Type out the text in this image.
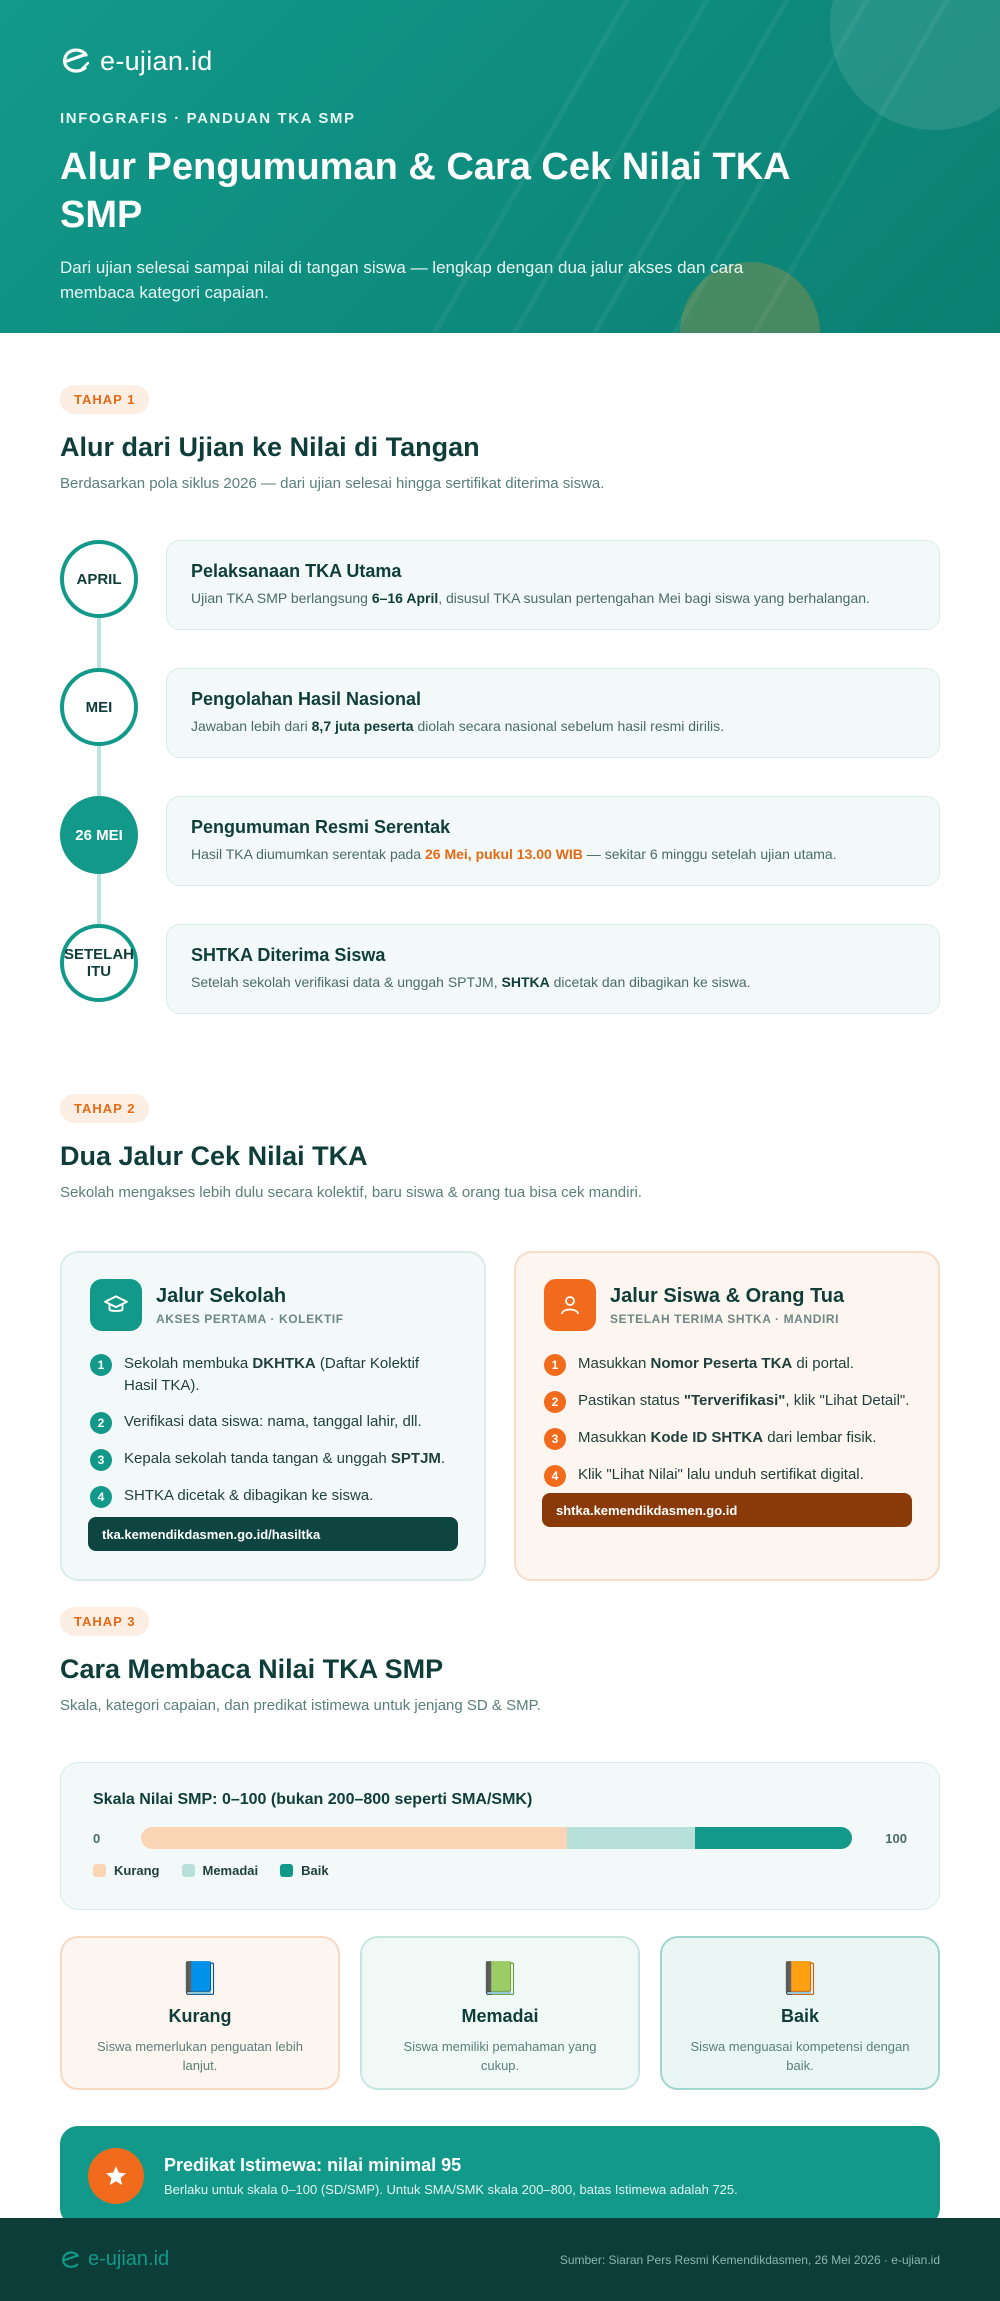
e-ujian.id
INFOGRAFIS · PANDUAN TKA SMP
Alur Pengumuman & Cara Cek Nilai TKA SMP

Dari ujian selesai sampai nilai di tangan siswa — lengkap dengan dua jalur akses dan cara membaca kategori capaian.

TAHAP 1
Alur dari Ujian ke Nilai di Tangan

Berdasarkan pola siklus 2026 — dari ujian selesai hingga sertifikat diterima siswa.

APRIL	Pelaksanaan TKA Utama

Ujian TKA SMP berlangsung 6–16 April, disusul TKA susulan pertengahan Mei bagi siswa yang berhalangan.

MEI	Pengolahan Hasil Nasional

Jawaban lebih dari 8,7 juta peserta diolah secara nasional sebelum hasil resmi dirilis.

26 MEI	Pengumuman Resmi Serentak

Hasil TKA diumumkan serentak pada 26 Mei, pukul 13.00 WIB — sekitar 6 minggu setelah ujian utama.

SETELAH ITU
SHTKA Diterima Siswa

Setelah sekolah verifikasi data & unggah SPTJM, SHTKA dicetak dan dibagikan ke siswa.

TAHAP 2
Dua Jalur Cek Nilai TKA

Sekolah mengakses lebih dulu secara kolektif, baru siswa & orang tua bisa cek mandiri.

Jalur Sekolah
AKSES PERTAMA · KOLEKTIF
1	Sekolah membuka DKHTKA (Daftar Kolektif Hasil TKA).
2	Verifikasi data siswa: nama, tanggal lahir, dll.
3	Kepala sekolah tanda tangan & unggah SPTJM.
4	SHTKA dicetak & dibagikan ke siswa.
tka.kemendikdasmen.go.id/hasiltka
Jalur Siswa & Orang Tua
SETELAH TERIMA SHTKA · MANDIRI
1	Masukkan Nomor Peserta TKA di portal.
2	Pastikan status "Terverifikasi", klik "Lihat Detail".
3	Masukkan Kode ID SHTKA dari lembar fisik.
4	Klik "Lihat Nilai" lalu unduh sertifikat digital.
shtka.kemendikdasmen.go.id
TAHAP 3
Cara Membaca Nilai TKA SMP

Skala, kategori capaian, dan predikat istimewa untuk jenjang SD & SMP.

Skala Nilai SMP: 0–100 (bukan 200–800 seperti SMA/SMK)
0	100
Kurang	Memadai	Baik
📘
Kurang

Siswa memerlukan penguatan lebih lanjut.

📗
Memadai

Siswa memiliki pemahaman yang cukup.

📙
Baik

Siswa menguasai kompetensi dengan baik.

Predikat Istimewa: nilai minimal 95
Berlaku untuk skala 0–100 (SD/SMP). Untuk SMA/SMK skala 200–800, batas Istimewa adalah 725.
e-ujian.id	Sumber: Siaran Pers Resmi Kemendikdasmen, 26 Mei 2026 · e-ujian.id
